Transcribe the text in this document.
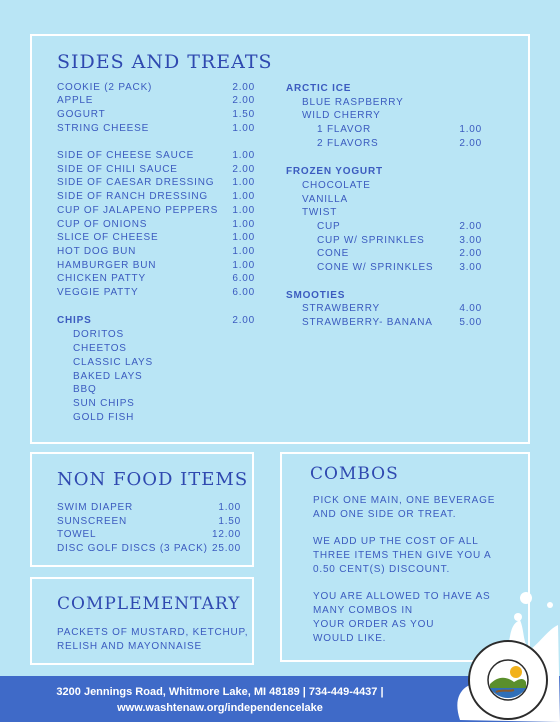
SIDES AND TREATS
COOKIE (2 PACK)	2.00
APPLE	2.00
GOGURT	1.50
STRING CHEESE	1.00
SIDE OF CHEESE SAUCE	1.00
SIDE OF CHILI SAUCE	2.00
SIDE OF CAESAR DRESSING 1.00
SIDE OF RANCH DRESSING 1.00
CUP OF JALAPENO PEPPERS 1.00
CUP OF ONIONS	1.00
SLICE OF CHEESE	1.00
HOT DOG BUN	1.00
HAMBURGER BUN	1.00
CHICKEN PATTY	6.00
VEGGIE PATTY	6.00
CHIPS	2.00
DORITOS
CHEETOS
CLASSIC LAYS
BAKED LAYS
BBQ
SUN CHIPS
GOLD FISH
ARCTIC ICE
BLUE RASPBERRY
WILD CHERRY
1 FLAVOR	1.00
2 FLAVORS	2.00
FROZEN YOGURT
CHOCOLATE
VANILLA
TWIST
CUP	2.00
CUP W/ SPRINKLES	3.00
CONE	2.00
CONE W/ SPRINKLES	3.00
SMOOTIES
STRAWBERRY	4.00
STRAWBERRY- BANANA	5.00
NON FOOD ITEMS
SWIM DIAPER	1.00
SUNSCREEN	1.50
TOWEL	12.00
DISC GOLF DISCS (3 PACK) 25.00
COMPLEMENTARY
PACKETS OF MUSTARD, KETCHUP,
RELISH AND MAYONNAISE
COMBOS
PICK ONE MAIN, ONE BEVERAGE
AND ONE SIDE OR TREAT.
WE ADD UP THE COST OF ALL
THREE ITEMS THEN GIVE YOU A
0.50 CENT(S) DISCOUNT.
YOU ARE ALLOWED TO HAVE AS
MANY COMBOS IN
YOUR ORDER AS YOU
WOULD LIKE.
3200 Jennings Road, Whitmore Lake, MI 48189 | 734-449-4437 |
www.washtenaw.org/independencelake
